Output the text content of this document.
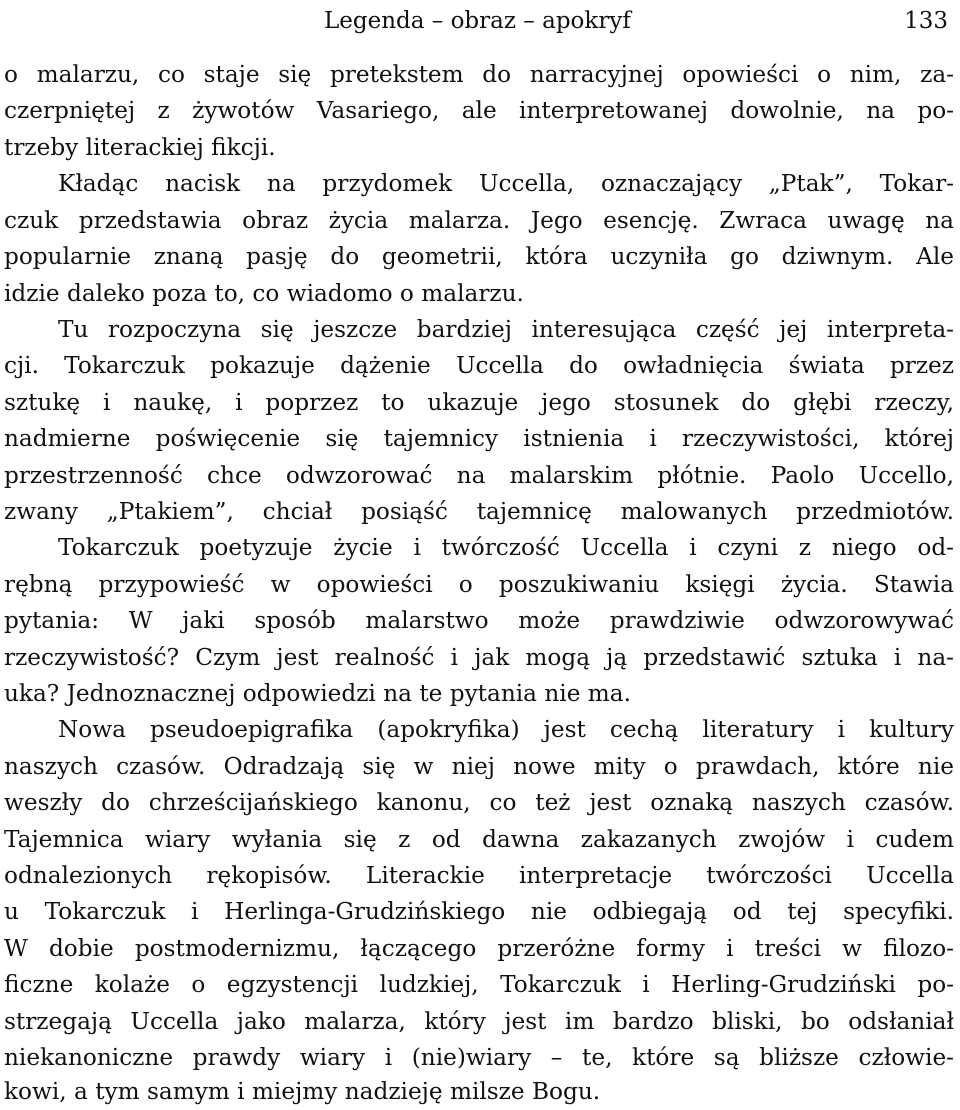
Legenda – obraz – apokryf	133
o malarzu, co staje się pretekstem do narracyjnej opowieści o nim, za-
czerpniętej z żywotów Vasariego, ale interpretowanej dowolnie, na po-
trzeby literackiej fikcji.
Kładąc nacisk na przydomek Uccella, oznaczający „Ptak”, Tokar-
czuk przedstawia obraz życia malarza. Jego esencję. Zwraca uwagę na
popularnie znaną pasję do geometrii, która uczyniła go dziwnym. Ale
idzie daleko poza to, co wiadomo o malarzu.
Tu rozpoczyna się jeszcze bardziej interesująca część jej interpreta-
cji. Tokarczuk pokazuje dążenie Uccella do owładnięcia świata przez
sztukę i naukę, i poprzez to ukazuje jego stosunek do głębi rzeczy,
nadmierne poświęcenie się tajemnicy istnienia i rzeczywistości, której
przestrzenność chce odwzorować na malarskim płótnie. Paolo Uccello,
zwany „Ptakiem”, chciał posiąść tajemnicę malowanych przedmiotów.
Tokarczuk poetyzuje życie i twórczość Uccella i czyni z niego od-
rębną przypowieść w opowieści o poszukiwaniu księgi życia. Stawia
pytania: W jaki sposób malarstwo może prawdziwie odwzorowywać
rzeczywistość? Czym jest realność i jak mogą ją przedstawić sztuka i na-
uka? Jednoznacznej odpowiedzi na te pytania nie ma.
Nowa pseudoepigrafika (apokryfika) jest cechą literatury i kultury
naszych czasów. Odradzają się w niej nowe mity o prawdach, które nie
weszły do chrześcijańskiego kanonu, co też jest oznaką naszych czasów.
Tajemnica wiary wyłania się z od dawna zakazanych zwojów i cudem
odnalezionych rękopisów. Literackie interpretacje twórczości Uccella
u Tokarczuk i Herlinga-Grudzińskiego nie odbiegają od tej specyfiki.
W dobie postmodernizmu, łączącego przeróżne formy i treści w filozo-
ficzne kolaże o egzystencji ludzkiej, Tokarczuk i Herling-Grudziński po-
strzegają Uccella jako malarza, który jest im bardzo bliski, bo odsłaniał
niekanoniczne prawdy wiary i (nie)wiary – te, które są bliższe człowie-
kowi, a tym samym i miejmy nadzieję milsze Bogu.
